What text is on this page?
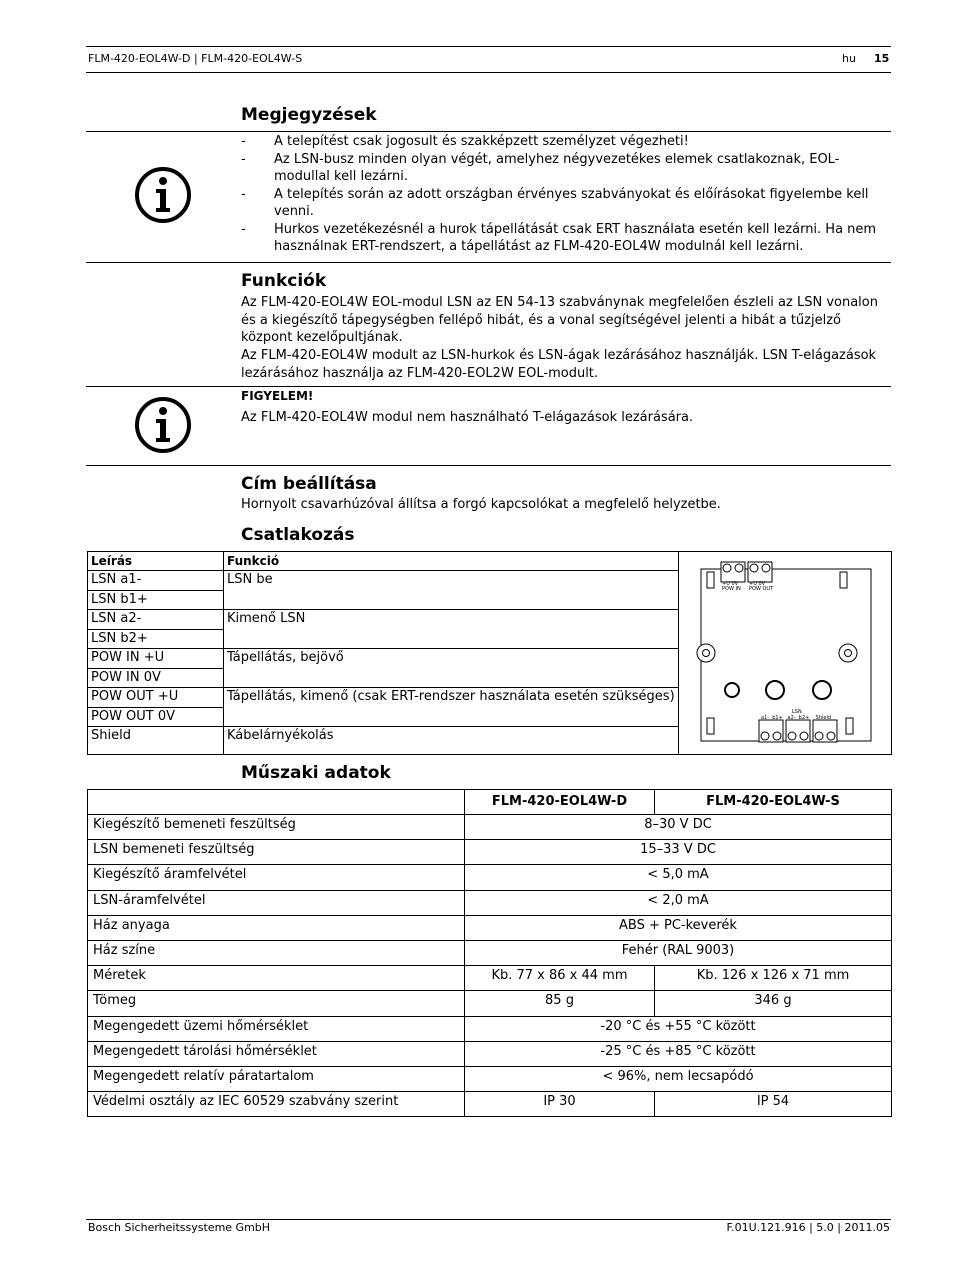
FLM-420-EOL4W-D | FLM-420-EOL4W-S	hu 15
Megjegyzések
- A telepítést csak jogosult és szakképzett személyzet végezheti!
- Az LSN-busz minden olyan végét, amelyhez négyvezetékes elemek csatlakoznak, EOL-modullal kell lezárni.
- A telepítés során az adott országban érvényes szabványokat és előírásokat figyelembe kell venni.
- Hurkos vezetékezésnél a hurok tápellátását csak ERT használata esetén kell lezárni. Ha nem használnak ERT-rendszert, a tápellátást az FLM-420-EOL4W modulnál kell lezárni.
Funkciók
Az FLM-420-EOL4W EOL-modul LSN az EN 54-13 szabványnak megfelelően észleli az LSN vonalon és a kiegészítő tápegységben fellépő hibát, és a vonal segítségével jelenti a hibát a tűzjelző központ kezelőpultjának.
Az FLM-420-EOL4W modult az LSN-hurkok és LSN-ágak lezárásához használják. LSN T-elágazások lezárásához használja az FLM-420-EOL2W EOL-modult.
FIGYELEM!
Az FLM-420-EOL4W modul nem használható T-elágazások lezárására.
Cím beállítása
Hornyolt csavarhúzóval állítsa a forgó kapcsolókat a megfelelő helyzetbe.
Csatlakozás
Leírás	Funkció
LSN a1-	LSN be
LSN b1+	
LSN a2-	Kimenő LSN
LSN b2+	
POW IN +U	Tápellátás, bejövő
POW IN 0V	
POW OUT +U	Tápellátás, kimenő (csak ERT-rendszer használata esetén szükséges)
POW OUT 0V	
Shield	Kábelárnyékolás
+U 0V
POW IN
+U 0V
POW OUT
LSN
a1-  b1+   a2-  b2+    Shield
Műszaki adatok
	FLM-420-EOL4W-D	FLM-420-EOL4W-S
Kiegészítő bemeneti feszültség	8–30 V DC	
LSN bemeneti feszültség	15–33 V DC	
Kiegészítő áramfelvétel	< 5,0 mA	
LSN-áramfelvétel	< 2,0 mA	
Ház anyaga	ABS + PC-keverék	
Ház színe	Fehér (RAL 9003)	
Méretek	Kb. 77 x 86 x 44 mm	Kb. 126 x 126 x 71 mm
Tömeg	85 g	346 g
Megengedett üzemi hőmérséklet	-20 °C és +55 °C között	
Megengedett tárolási hőmérséklet	-25 °C és +85 °C között	
Megengedett relatív páratartalom	< 96%, nem lecsapódó	
Védelmi osztály az IEC 60529 szabvány szerint	IP 30	IP 54
Bosch Sicherheitssysteme GmbH	F.01U.121.916 | 5.0 | 2011.05
